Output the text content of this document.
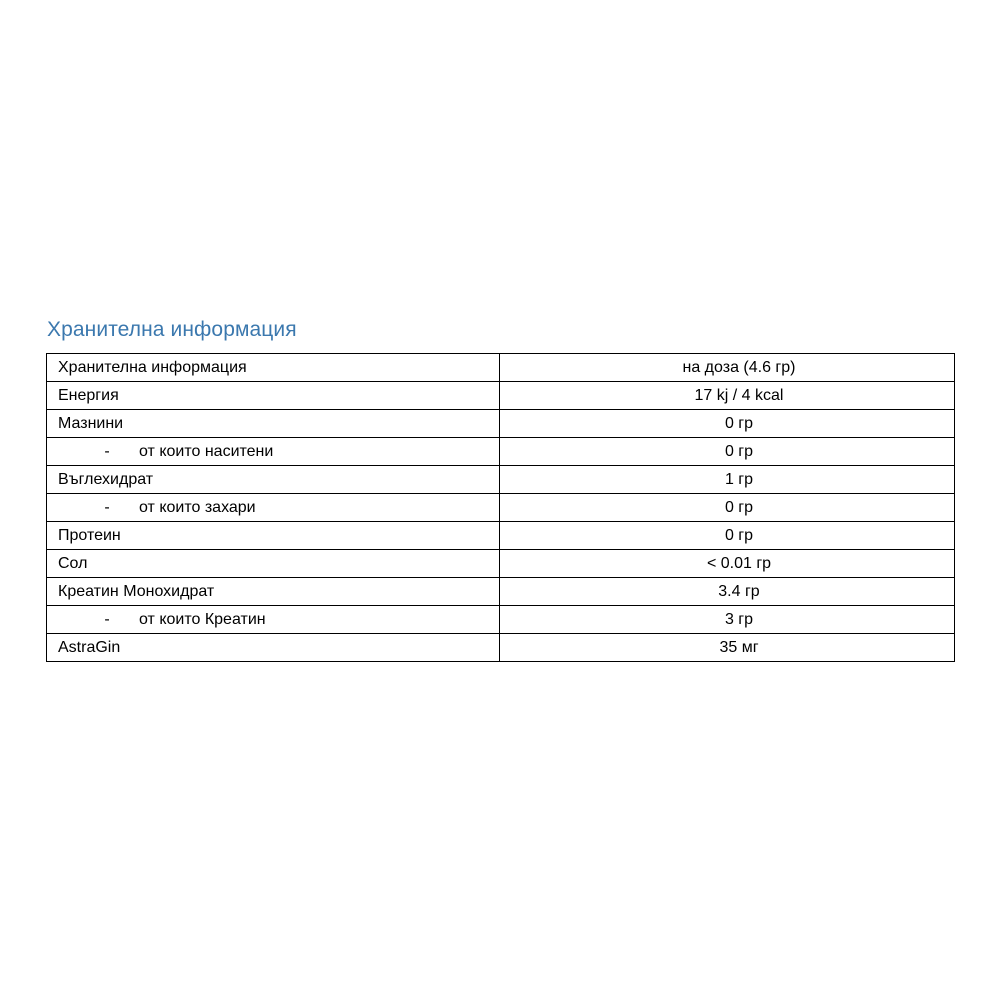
Хранителна информация
Хранителна информация	на доза (4.6 гр)
Енергия	17 kj / 4 kcal
Мазнини	0 гр
- от които наситени	0 гр
Въглехидрат	1 гр
- от които захари	0 гр
Протеин	0 гр
Сол	< 0.01 гр
Креатин Монохидрат	3.4 гр
- от които Креатин	3 гр
AstraGin	35 мг
